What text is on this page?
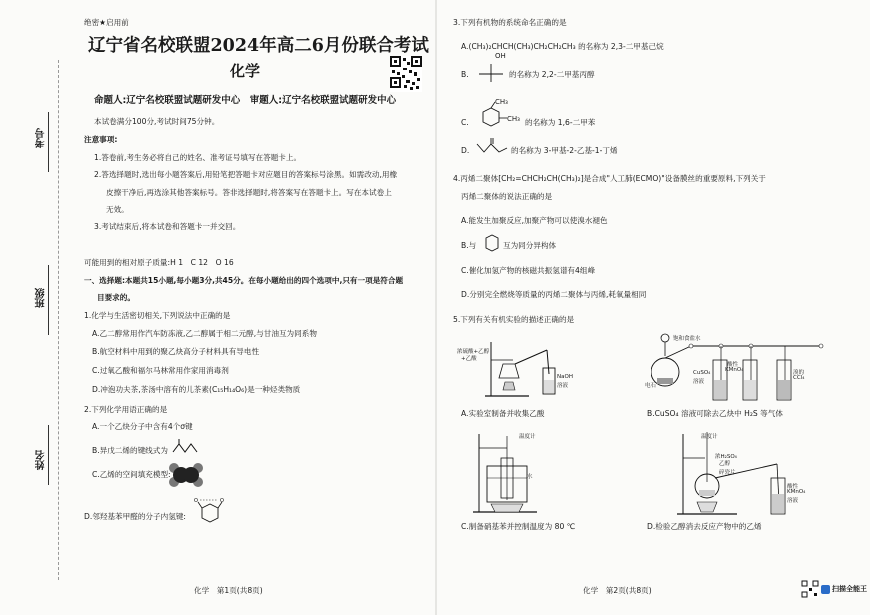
考号
班级
姓名
绝密★启用前
辽宁省名校联盟2024年高二6月份联合考试
化学
命题人:辽宁名校联盟试题研发中心　审题人:辽宁名校联盟试题研发中心
本试卷满分100分,考试时间75分钟。
注意事项:
1.答卷前,考生务必将自己的姓名、准考证号填写在答题卡上。
2.答选择题时,选出每小题答案后,用铅笔把答题卡对应题目的答案标号涂黑。如需改动,用橡
皮擦干净后,再选涂其他答案标号。答非选择题时,将答案写在答题卡上。写在本试卷上
无效。
3.考试结束后,将本试卷和答题卡一并交回。
可能用到的相对原子质量:H 1　C 12　O 16
一、选择题:本题共15小题,每小题3分,共45分。在每小题给出的四个选项中,只有一项是符合题
目要求的。
1.化学与生活密切相关,下列说法中正确的是
A.乙二醇常用作汽车防冻液,乙二醇属于相二元醇,与甘油互为同系物
B.航空材料中用到的聚乙炔高分子材料具有导电性
C.过氧乙酸和福尔马林常用作家用消毒剂
D.冲泡功夫茶,茶汤中溶有的儿茶素(C₁₅H₁₄O₆)是一种烃类物质
2.下列化学用语正确的是
A.一个乙炔分子中含有4个σ键
B.异戊二烯的键线式为
C.乙烯的空间填充模型:
D.邻羟基苯甲醛的分子内氢键:
O	O
化学　第1页(共8页)
3.下列有机物的系统命名正确的是
A.(CH₃)₂CHCH(CH₃)CH₂CH₂CH₃ 的名称为 2,3-二甲基己烷
B.
OH
的名称为 2,2-二甲基丙醇
C.
CH₃
CH₃ 的名称为 1,6-二甲苯
D.	的名称为 3-甲基-2-乙基-1-丁烯
4.丙烯二聚体[CH₂=CHCH₂CH(CH₃)₂]是合成"人工肺(ECMO)"设备膜丝的重要原料,下列关于
丙烯二聚体的说法正确的是
A.能发生加聚反应,加聚产物可以使溴水褪色
B.与	互为同分异构体
C.催化加氢产物的核磁共振氢谱有4组峰
D.分别完全燃烧等质量的丙烯二聚体与丙烯,耗氧量相同
5.下列有关有机实验的描述正确的是
浓硫酸+乙醇
+乙酸
NaOH
溶液
A.实验室制备并收集乙酸
饱和食盐水
电石
CuSO₄
溶液
酸性
KMnO₄	溴的
CCl₄
B.CuSO₄ 溶液可除去乙炔中 H₂S 等气体
温度计
水
C.制备硝基苯并控制温度为 80 ℃
温度计
浓H₂SO₄
乙醇
碎瓷片
酸性
KMnO₄
溶液
D.检验乙醇消去反应产物中的乙烯
化学　第2页(共8页)	扫描全能王
